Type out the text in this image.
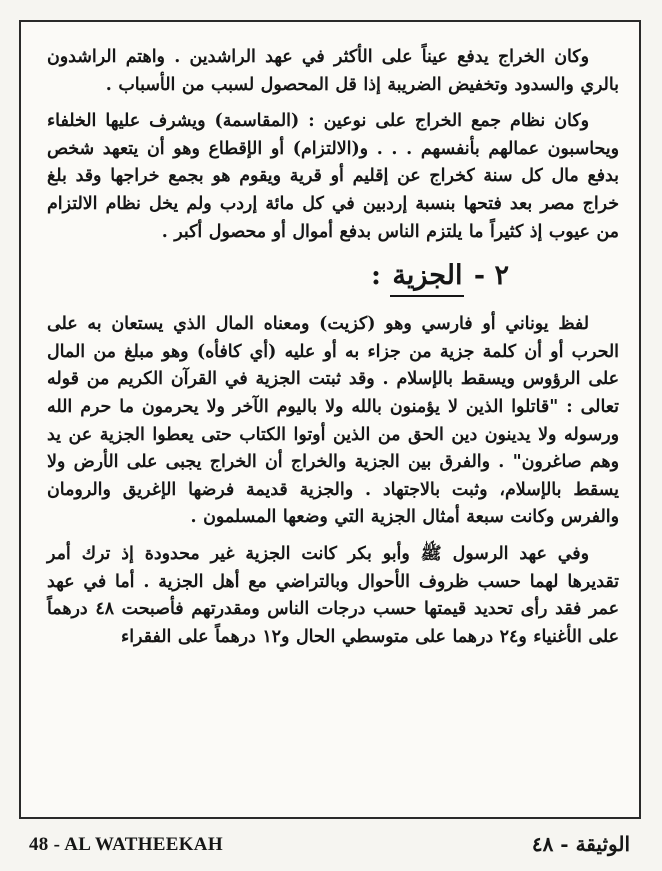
وكان الخراج يدفع عيناً على الأكثر في عهد الراشدين . واهتم الراشدون بالري والسدود وتخفيض الضريبة إذا قل المحصول لسبب من الأسباب .

وكان نظام جمع الخراج على نوعين : (المقاسمة) ويشرف عليها الخلفاء ويحاسبون عمالهم بأنفسهم . . . و(الالتزام) أو الإقطاع وهو أن يتعهد شخص بدفع مال كل سنة كخراج عن إقليم أو قرية ويقوم هو بجمع خراجها وقد بلغ خراج مصر بعد فتحها بنسبة إردبين في كل مائة إردب ولم يخل نظام الالتزام من عيوب إذ كثيراً ما يلتزم الناس بدفع أموال أو محصول أكبر .

٢ - الجزية :

لفظ يوناني أو فارسي وهو (كزيت) ومعناه المال الذي يستعان به على الحرب أو أن كلمة جزية من جزاء به أو عليه (أي كافأه) وهو مبلغ من المال على الرؤوس ويسقط بالإسلام . وقد ثبتت الجزية في القرآن الكريم من قوله تعالى : "قاتلوا الذين لا يؤمنون بالله ولا باليوم الآخر ولا يحرمون ما حرم الله ورسوله ولا يدينون دين الحق من الذين أوتوا الكتاب حتى يعطوا الجزية عن يد وهم صاغرون" . والفرق بين الجزية والخراج أن الخراج يجبى على الأرض ولا يسقط بالإسلام، وثبت بالاجتهاد . والجزية قديمة فرضها الإغريق والرومان والفرس وكانت سبعة أمثال الجزية التي وضعها المسلمون .

وفي عهد الرسول ﷺ وأبو بكر كانت الجزية غير محدودة إذ ترك أمر تقديرها لهما حسب ظروف الأحوال وبالتراضي مع أهل الجزية . أما في عهد عمر فقد رأى تحديد قيمتها حسب درجات الناس ومقدرتهم فأصبحت ٤٨ درهماً على الأغنياء و٢٤ درهما على متوسطي الحال و١٢ درهماً على الفقراء

48 - AL WATHEEKAH	الوثيقة - ٤٨
